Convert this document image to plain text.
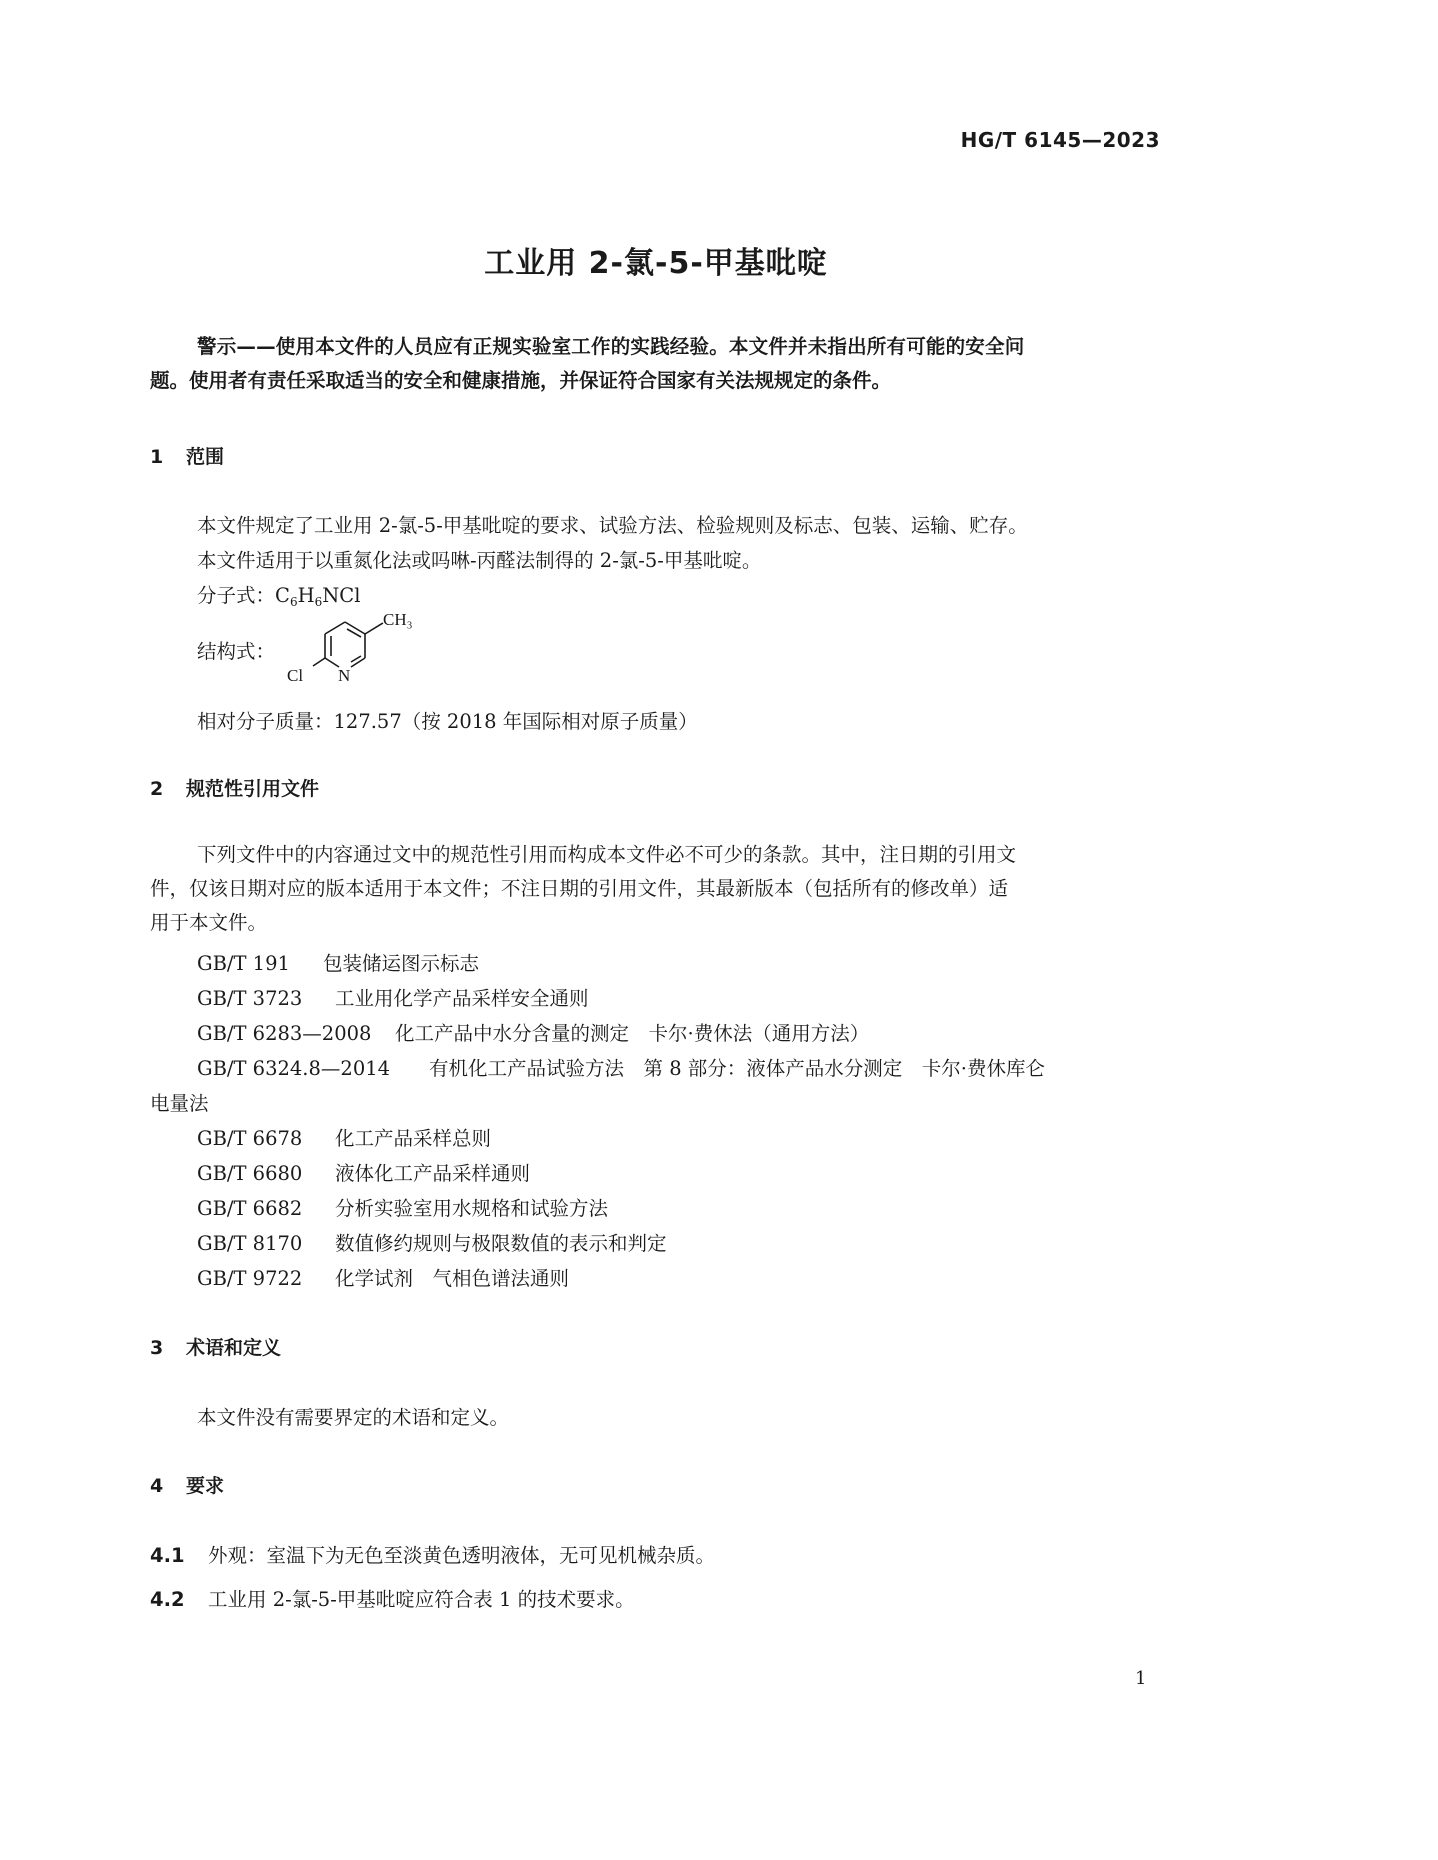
HG/T 6145—2023
工业用 2-氯-5-甲基吡啶
警示——使用本文件的人员应有正规实验室工作的实践经验。本文件并未指出所有可能的安全问
题。使用者有责任采取适当的安全和健康措施，并保证符合国家有关法规规定的条件。
1 范围
本文件规定了工业用 2-氯-5-甲基吡啶的要求、试验方法、检验规则及标志、包装、运输、贮存。
本文件适用于以重氮化法或吗啉-丙醛法制得的 2-氯-5-甲基吡啶。
分子式：$C_6H_6NCl$
结构式：
Cl N
CH₃
相对分子质量：127.57（按 2018 年国际相对原子质量）
2 规范性引用文件
下列文件中的内容通过文中的规范性引用而构成本文件必不可少的条款。其中，注日期的引用文
件，仅该日期对应的版本适用于本文件；不注日期的引用文件，其最新版本（包括所有的修改单）适
用于本文件。
GB/T 191 包装储运图示标志
GB/T 3723 工业用化学产品采样安全通则
GB/T 6283—2008 化工产品中水分含量的测定　卡尔·费休法（通用方法）
GB/T 6324.8—2014 有机化工产品试验方法　第 8 部分：液体产品水分测定　卡尔·费休库仑
电量法
GB/T 6678 化工产品采样总则
GB/T 6680 液体化工产品采样通则
GB/T 6682 分析实验室用水规格和试验方法
GB/T 8170 数值修约规则与极限数值的表示和判定
GB/T 9722 化学试剂　气相色谱法通则
3 术语和定义
本文件没有需要界定的术语和定义。
4 要求
4.1 外观：室温下为无色至淡黄色透明液体，无可见机械杂质。
4.2 工业用 2-氯-5-甲基吡啶应符合表 1 的技术要求。
1
